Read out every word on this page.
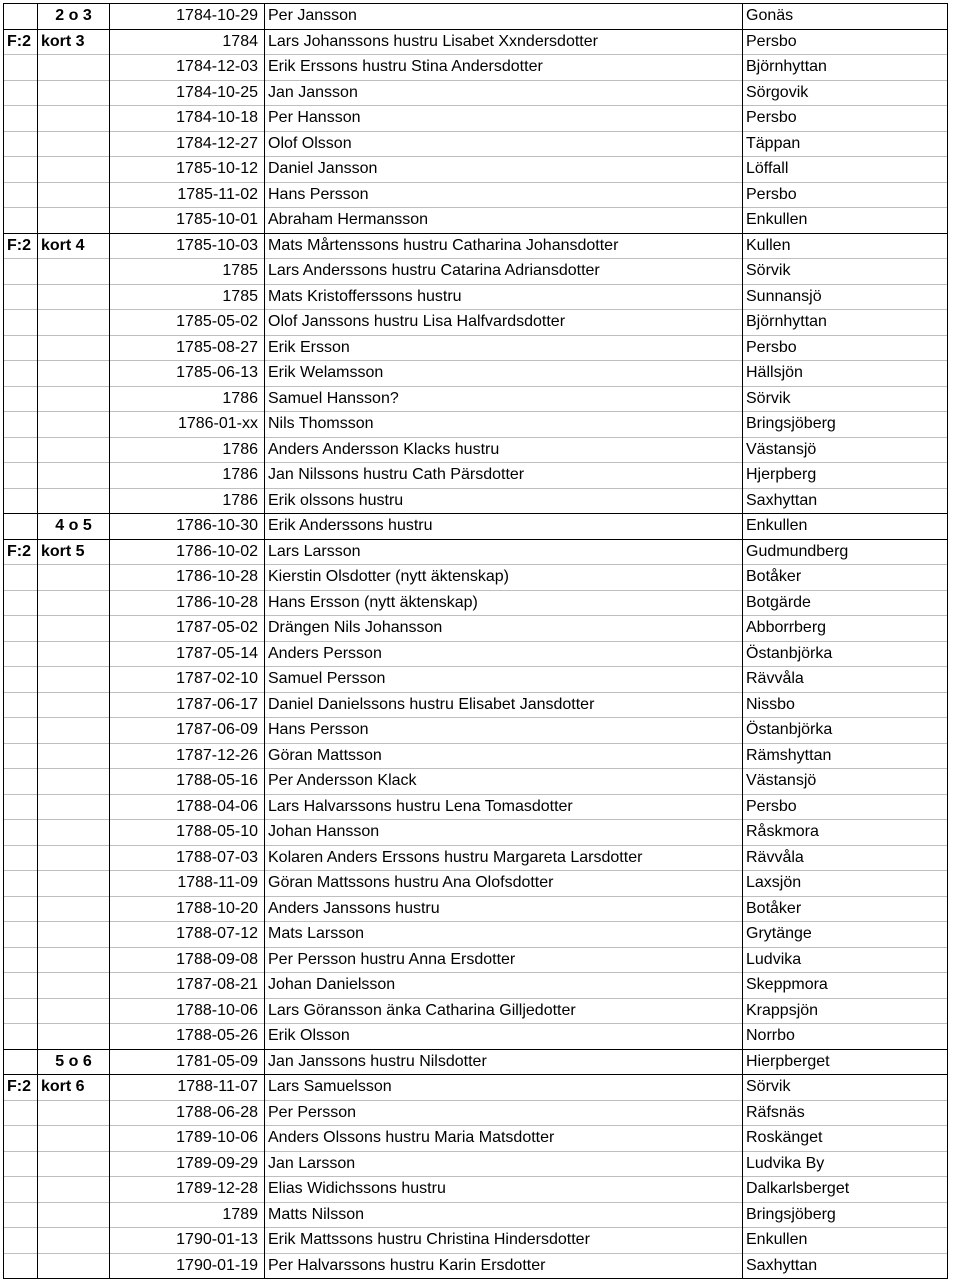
	2 o 3	1784-10-29	Per Jansson	Gonäs
F:2	kort 3	1784	Lars Johanssons hustru Lisabet Xxndersdotter	Persbo
		1784-12-03	Erik Erssons hustru Stina Andersdotter	Björnhyttan
		1784-10-25	Jan Jansson	Sörgovik
		1784-10-18	Per Hansson	Persbo
		1784-12-27	Olof Olsson	Täppan
		1785-10-12	Daniel Jansson	Löffall
		1785-11-02	Hans Persson	Persbo
		1785-10-01	Abraham Hermansson	Enkullen
F:2	kort 4	1785-10-03	Mats Mårtenssons hustru Catharina Johansdotter	Kullen
		1785	Lars Anderssons hustru Catarina Adriansdotter	Sörvik
		1785	Mats Kristofferssons hustru	Sunnansjö
		1785-05-02	Olof Janssons hustru Lisa Halfvardsdotter	Björnhyttan
		1785-08-27	Erik Ersson	Persbo
		1785-06-13	Erik Welamsson	Hällsjön
		1786	Samuel Hansson?	Sörvik
		1786-01-xx	Nils Thomsson	Bringsjöberg
		1786	Anders Andersson Klacks hustru	Västansjö
		1786	Jan Nilssons hustru Cath Pärsdotter	Hjerpberg
		1786	Erik olssons hustru	Saxhyttan
	4 o 5	1786-10-30	Erik Anderssons hustru	Enkullen
F:2	kort 5	1786-10-02	Lars Larsson	Gudmundberg
		1786-10-28	Kierstin Olsdotter (nytt äktenskap)	Botåker
		1786-10-28	Hans Ersson (nytt äktenskap)	Botgärde
		1787-05-02	Drängen Nils Johansson	Abborrberg
		1787-05-14	Anders Persson	Östanbjörka
		1787-02-10	Samuel Persson	Rävvåla
		1787-06-17	Daniel Danielssons hustru Elisabet Jansdotter	Nissbo
		1787-06-09	Hans Persson	Östanbjörka
		1787-12-26	Göran Mattsson	Rämshyttan
		1788-05-16	Per Andersson Klack	Västansjö
		1788-04-06	Lars Halvarssons hustru Lena Tomasdotter	Persbo
		1788-05-10	Johan Hansson	Råskmora
		1788-07-03	Kolaren Anders Erssons hustru Margareta Larsdotter	Rävvåla
		1788-11-09	Göran Mattssons hustru Ana Olofsdotter	Laxsjön
		1788-10-20	Anders Janssons hustru	Botåker
		1788-07-12	Mats Larsson	Grytänge
		1788-09-08	Per Persson hustru Anna Ersdotter	Ludvika
		1787-08-21	Johan Danielsson	Skeppmora
		1788-10-06	Lars Göransson änka Catharina Gilljedotter	Krappsjön
		1788-05-26	Erik Olsson	Norrbo
	5 o 6	1781-05-09	Jan Janssons hustru Nilsdotter	Hierpberget
F:2	kort 6	1788-11-07	Lars Samuelsson	Sörvik
		1788-06-28	Per Persson	Räfsnäs
		1789-10-06	Anders Olssons hustru Maria Matsdotter	Roskänget
		1789-09-29	Jan Larsson	Ludvika By
		1789-12-28	Elias Widichssons hustru	Dalkarlsberget
		1789	Matts Nilsson	Bringsjöberg
		1790-01-13	Erik Mattssons hustru Christina Hindersdotter	Enkullen
		1790-01-19	Per Halvarssons hustru Karin Ersdotter	Saxhyttan
